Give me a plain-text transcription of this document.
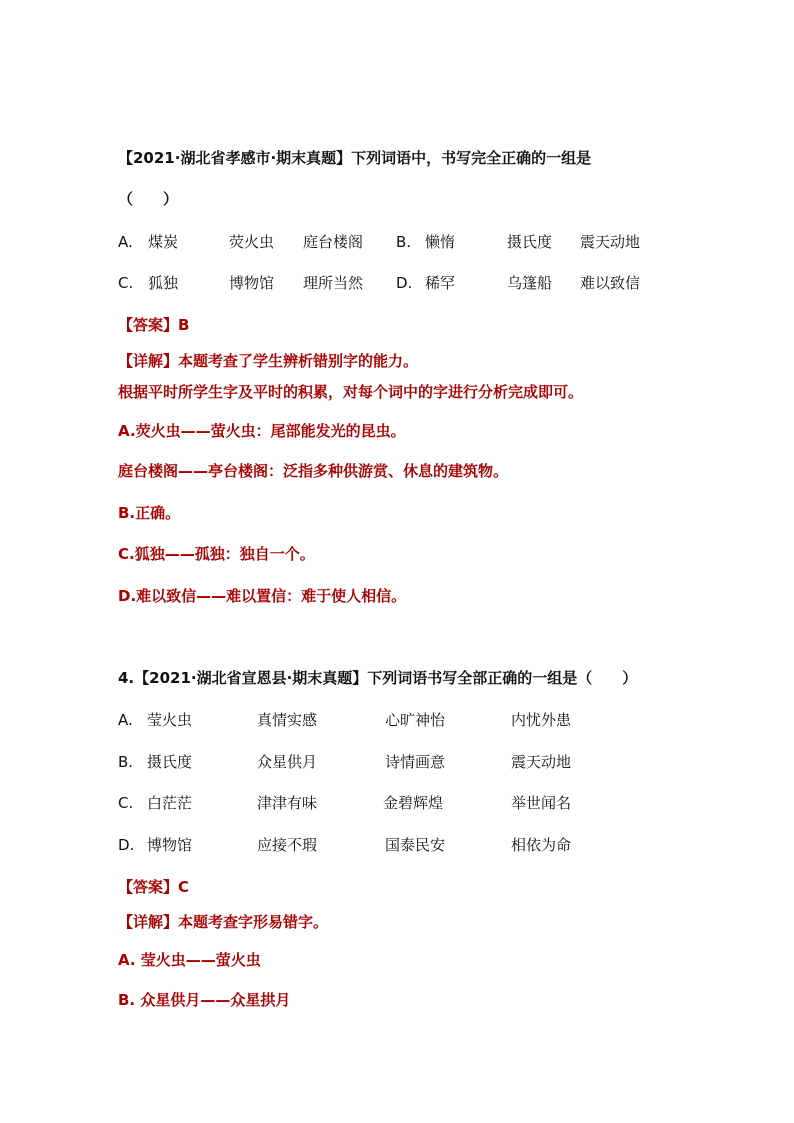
【2021·湖北省孝感市·期末真题】下列词语中，书写完全正确的一组是
（　　）
A. 煤炭	荧火虫 庭台楼阁 B. 懒惰	摄氏度 震天动地
C. 狐独	博物馆 理所当然 D. 稀罕	乌篷船 难以致信
【答案】B
【详解】本题考查了学生辨析错别字的能力。
根据平时所学生字及平时的积累，对每个词中的字进行分析完成即可。
A.荧火虫——萤火虫：尾部能发光的昆虫。
庭台楼阁——亭台楼阁：泛指多种供游赏、休息的建筑物。
B.正确。
C.狐独——孤独：独自一个。
D.难以致信——难以置信：难于使人相信。
4.【2021·湖北省宣恩县·期末真题】下列词语书写全部正确的一组是（　　）
A. 莹火虫	真情实感	心旷神怡	内忧外患
B. 摄氏度	众星供月	诗情画意	震天动地
C. 白茫茫	津津有味	金碧辉煌	举世闻名
D. 博物馆	应接不瑕	国泰民安	相依为命
【答案】C
【详解】本题考查字形易错字。
A. 莹火虫——萤火虫
B. 众星供月——众星拱月
